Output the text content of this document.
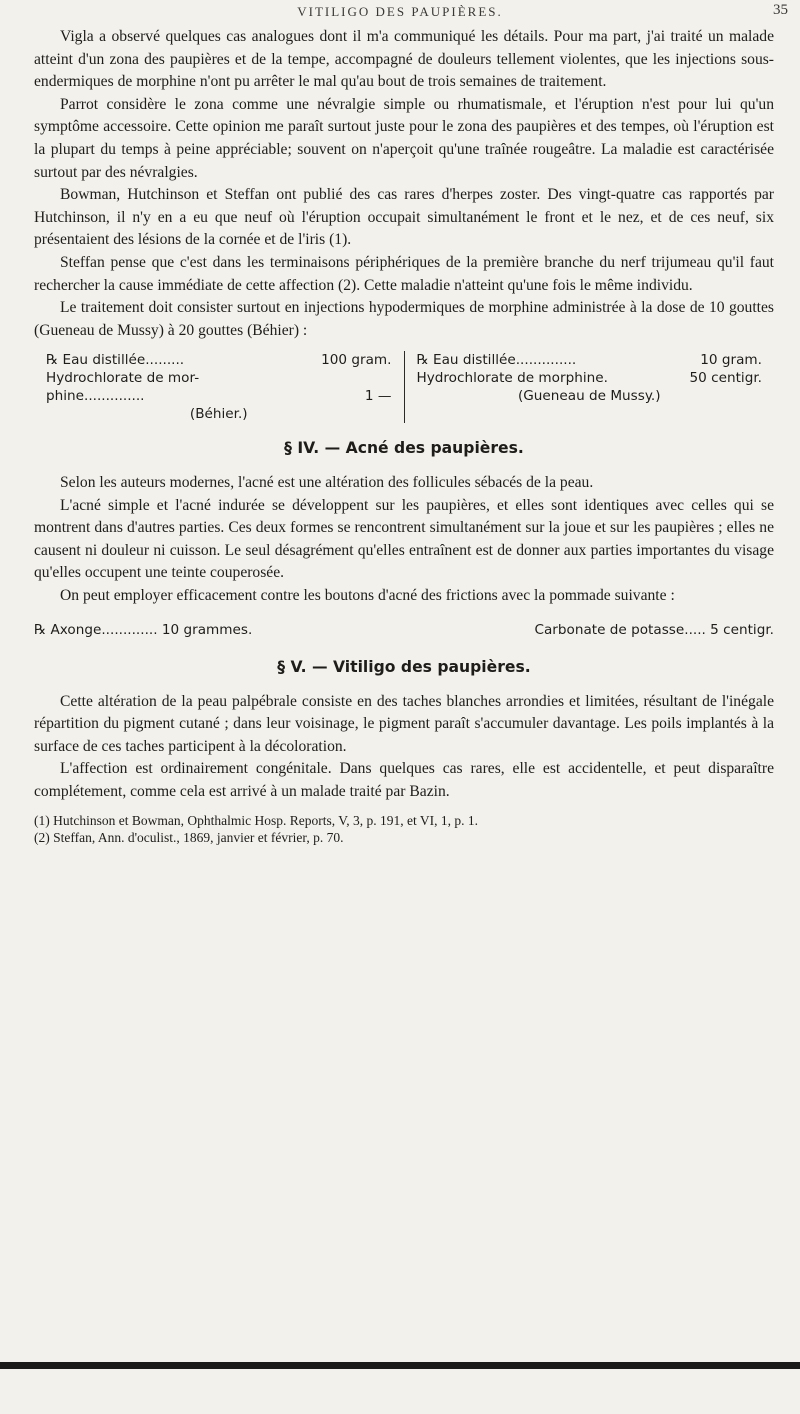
VITILIGO DES PAUPIÈRES.	35

Vigla a observé quelques cas analogues dont il m'a communiqué les détails. Pour ma part, j'ai traité un malade atteint d'un zona des paupières et de la tempe, accompagné de douleurs tellement violentes, que les injections sous-endermiques de morphine n'ont pu arrêter le mal qu'au bout de trois semaines de traitement.

Parrot considère le zona comme une névralgie simple ou rhumatismale, et l'éruption n'est pour lui qu'un symptôme accessoire. Cette opinion me paraît surtout juste pour le zona des paupières et des tempes, où l'éruption est la plupart du temps à peine appréciable; souvent on n'aperçoit qu'une traînée rougeâtre. La maladie est caractérisée surtout par des névralgies.

Bowman, Hutchinson et Steffan ont publié des cas rares d'herpes zoster. Des vingt-quatre cas rapportés par Hutchinson, il n'y en a eu que neuf où l'éruption occupait simultanément le front et le nez, et de ces neuf, six présentaient des lésions de la cornée et de l'iris (1).

Steffan pense que c'est dans les terminaisons périphériques de la première branche du nerf trijumeau qu'il faut rechercher la cause immédiate de cette affection (2). Cette maladie n'atteint qu'une fois le même individu.

Le traitement doit consister surtout en injections hypodermiques de morphine administrée à la dose de 10 gouttes (Gueneau de Mussy) à 20 gouttes (Béhier) :

℞ Eau distillée.........	100 gram.
Hydrochlorate de mor-
phine..............	1 —
(Béhier.)
℞ Eau distillée..............	10 gram.
Hydrochlorate de morphine.	50 centigr.
(Gueneau de Mussy.)
§ IV. — Acné des paupières.

Selon les auteurs modernes, l'acné est une altération des follicules sébacés de la peau.

L'acné simple et l'acné indurée se développent sur les paupières, et elles sont identiques avec celles qui se montrent dans d'autres parties. Ces deux formes se rencontrent simultanément sur la joue et sur les paupières ; elles ne causent ni douleur ni cuisson. Le seul désagrément qu'elles entraînent est de donner aux parties importantes du visage qu'elles occupent une teinte couperosée.

On peut employer efficacement contre les boutons d'acné des frictions avec la pommade suivante :

℞ Axonge............. 10 grammes.	Carbonate de potasse..... 5 centigr.
§ V. — Vitiligo des paupières.

Cette altération de la peau palpébrale consiste en des taches blanches arrondies et limitées, résultant de l'inégale répartition du pigment cutané ; dans leur voisinage, le pigment paraît s'accumuler davantage. Les poils implantés à la surface de ces taches participent à la décoloration.

L'affection est ordinairement congénitale. Dans quelques cas rares, elle est accidentelle, et peut disparaître complétement, comme cela est arrivé à un malade traité par Bazin.

(1) Hutchinson et Bowman, Ophthalmic Hosp. Reports, V, 3, p. 191, et VI, 1, p. 1.

(2) Steffan, Ann. d'oculist., 1869, janvier et février, p. 70.
